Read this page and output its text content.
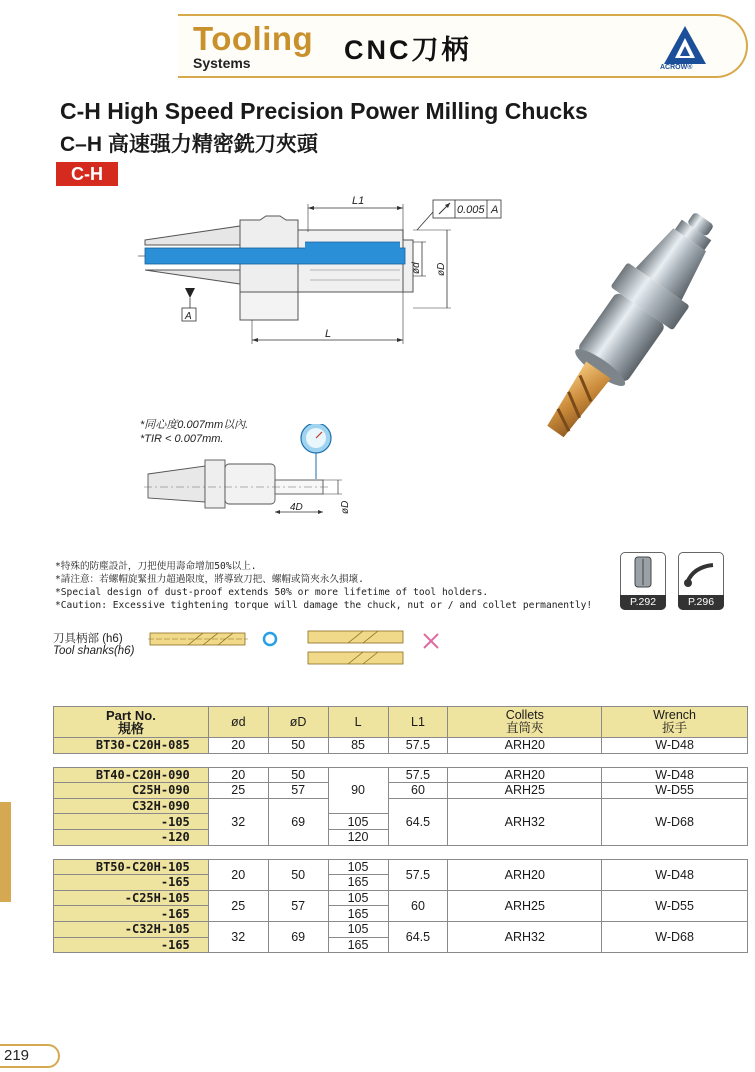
Tooling
Systems	CNC刀柄
ACROW®
C-H High Speed Precision Power Milling Chucks
C–H 高速强力精密銑刀夾頭
C-H
0.005 A
L1
L
A
ød øD
4D	øD
*同心度0.007mm以內.
*TIR < 0.007mm.
*特殊的防塵設計，刀把使用壽命增加50%以上.
*請注意：若螺帽旋緊扭力超過限度，將導致刀把、螺帽或筒夾永久損壞.
*Special design of dust-proof extends 50% or more lifetime of tool holders.
*Caution: Excessive tightening torque will damage the chuck, nut or / and collet permanently!	P.292	P.296
刀具柄部 (h6)
Tool shanks(h6)
Part No.
規格	ød	øD	L	L1	Collets
直筒夾	Wrench
扳手
BT30-C20H-085	20	50	85	57.5	ARH20	W-D48

BT40-C20H-090	20	50	90	57.5	ARH20	W-D48
C25H-090	25	57		60	ARH25	W-D55
C32H-090	32	69		64.5	ARH32	W-D68
-105			105			
-120			120			

BT50-C20H-105	20	50	105	57.5	ARH20	W-D48
-165			165			
-C25H-105	25	57	105	60	ARH25	W-D55
-165			165			
-C32H-105	32	69	105	64.5	ARH32	W-D68
-165			165			
219
